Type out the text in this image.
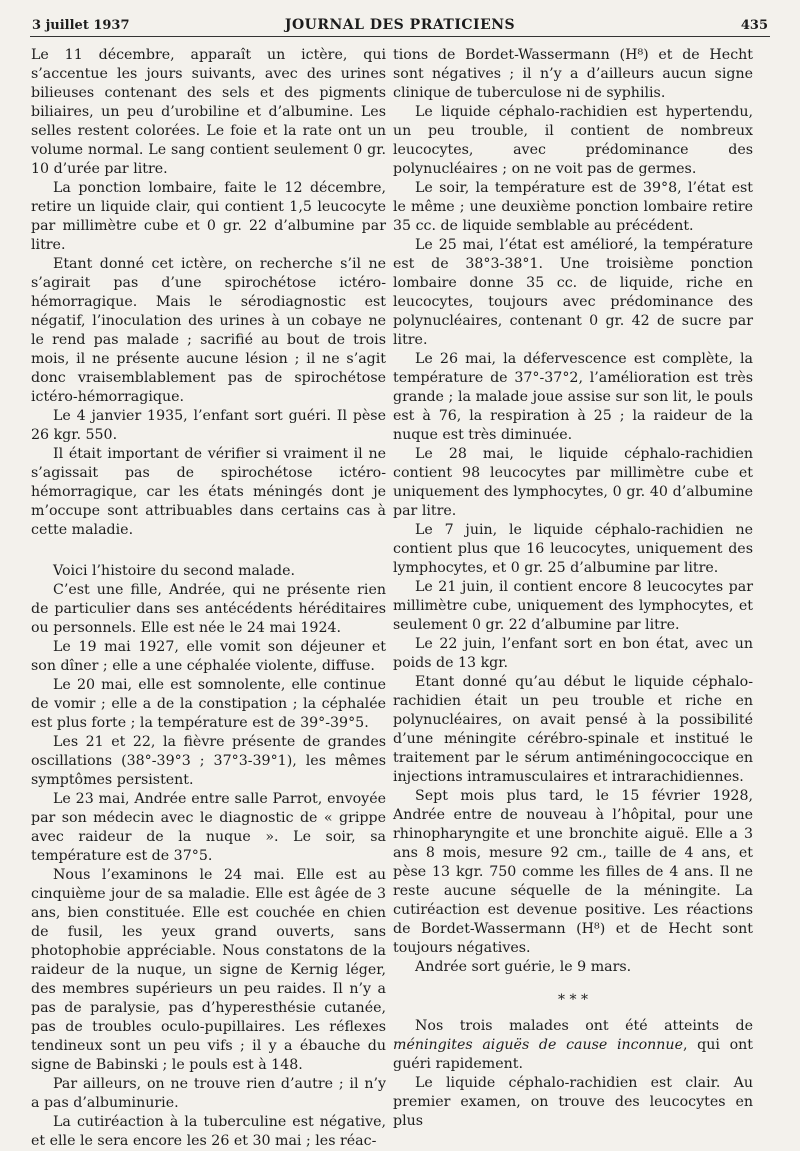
3 juillet 1937	JOURNAL DES PRATICIENS	435

Le 11 décembre, apparaît un ictère, qui s’accentue les jours suivants, avec des urines bilieuses contenant des sels et des pigments biliaires, un peu d’urobiline et d’albumine. Les selles restent colorées. Le foie et la rate ont un volume normal. Le sang contient seulement 0 gr. 10 d’urée par litre.

La ponction lombaire, faite le 12 décembre, retire un liquide clair, qui contient 1,5 leucocyte par millimètre cube et 0 gr. 22 d’albumine par litre.

Etant donné cet ictère, on recherche s’il ne s’agirait pas d’une spirochétose ictéro-hémorragique. Mais le sérodiagnostic est négatif, l’inoculation des urines à un cobaye ne le rend pas malade ; sacrifié au bout de trois mois, il ne présente aucune lésion ; il ne s’agit donc vraisemblablement pas de spirochétose ictéro-hémorragique.

Le 4 janvier 1935, l’enfant sort guéri. Il pèse 26 kgr. 550.

Il était important de vérifier si vraiment il ne s’agissait pas de spirochétose ictéro-hémorragique, car les états méningés dont je m’occupe sont attribuables dans certains cas à cette maladie.

Voici l’histoire du second malade.

C’est une fille, Andrée, qui ne présente rien de particulier dans ses antécédents héréditaires ou personnels. Elle est née le 24 mai 1924.

Le 19 mai 1927, elle vomit son déjeuner et son dîner ; elle a une céphalée violente, diffuse.

Le 20 mai, elle est somnolente, elle continue de vomir ; elle a de la constipation ; la céphalée est plus forte ; la température est de 39°-39°5.

Les 21 et 22, la fièvre présente de grandes oscillations (38°-39°3 ; 37°3-39°1), les mêmes symptômes persistent.

Le 23 mai, Andrée entre salle Parrot, envoyée par son médecin avec le diagnostic de « grippe avec raideur de la nuque ». Le soir, sa température est de 37°5.

Nous l’examinons le 24 mai. Elle est au cinquième jour de sa maladie. Elle est âgée de 3 ans, bien constituée. Elle est couchée en chien de fusil, les yeux grand ouverts, sans photophobie appréciable. Nous constatons de la raideur de la nuque, un signe de Kernig léger, des membres supérieurs un peu raides. Il n’y a pas de paralysie, pas d’hyperesthésie cutanée, pas de troubles oculo-pupillaires. Les réflexes tendineux sont un peu vifs ; il y a ébauche du signe de Babinski ; le pouls est à 148.

Par ailleurs, on ne trouve rien d’autre ; il n’y a pas d’albuminurie.

La cutiréaction à la tuberculine est négative, et elle le sera encore les 26 et 30 mai ; les réac-

tions de Bordet-Wassermann (H⁸) et de Hecht sont négatives ; il n’y a d’ailleurs aucun signe clinique de tuberculose ni de syphilis.

Le liquide céphalo-rachidien est hypertendu, un peu trouble, il contient de nombreux leucocytes, avec prédominance des polynucléaires ; on ne voit pas de germes.

Le soir, la température est de 39°8, l’état est le même ; une deuxième ponction lombaire retire 35 cc. de liquide semblable au précédent.

Le 25 mai, l’état est amélioré, la température est de 38°3-38°1. Une troisième ponction lombaire donne 35 cc. de liquide, riche en leucocytes, toujours avec prédominance des polynucléaires, contenant 0 gr. 42 de sucre par litre.

Le 26 mai, la défervescence est complète, la température de 37°-37°2, l’amélioration est très grande ; la malade joue assise sur son lit, le pouls est à 76, la respiration à 25 ; la raideur de la nuque est très diminuée.

Le 28 mai, le liquide céphalo-rachidien contient 98 leucocytes par millimètre cube et uniquement des lymphocytes, 0 gr. 40 d’albumine par litre.

Le 7 juin, le liquide céphalo-rachidien ne contient plus que 16 leucocytes, uniquement des lymphocytes, et 0 gr. 25 d’albumine par litre.

Le 21 juin, il contient encore 8 leucocytes par millimètre cube, uniquement des lymphocytes, et seulement 0 gr. 22 d’albumine par litre.

Le 22 juin, l’enfant sort en bon état, avec un poids de 13 kgr.

Etant donné qu’au début le liquide céphalo-rachidien était un peu trouble et riche en polynucléaires, on avait pensé à la possibilité d’une méningite cérébro-spinale et institué le traitement par le sérum antiméningococcique en injections intramusculaires et intrarachidiennes.

Sept mois plus tard, le 15 février 1928, Andrée entre de nouveau à l’hôpital, pour une rhinopharyngite et une bronchite aiguë. Elle a 3 ans 8 mois, mesure 92 cm., taille de 4 ans, et pèse 13 kgr. 750 comme les filles de 4 ans. Il ne reste aucune séquelle de la méningite. La cutiréaction est devenue positive. Les réactions de Bordet-Wassermann (H⁸) et de Hecht sont toujours négatives.

Andrée sort guérie, le 9 mars.

* * *

Nos trois malades ont été atteints de méningites aiguës de cause inconnue, qui ont guéri rapidement.

Le liquide céphalo-rachidien est clair. Au premier examen, on trouve des leucocytes en plus
